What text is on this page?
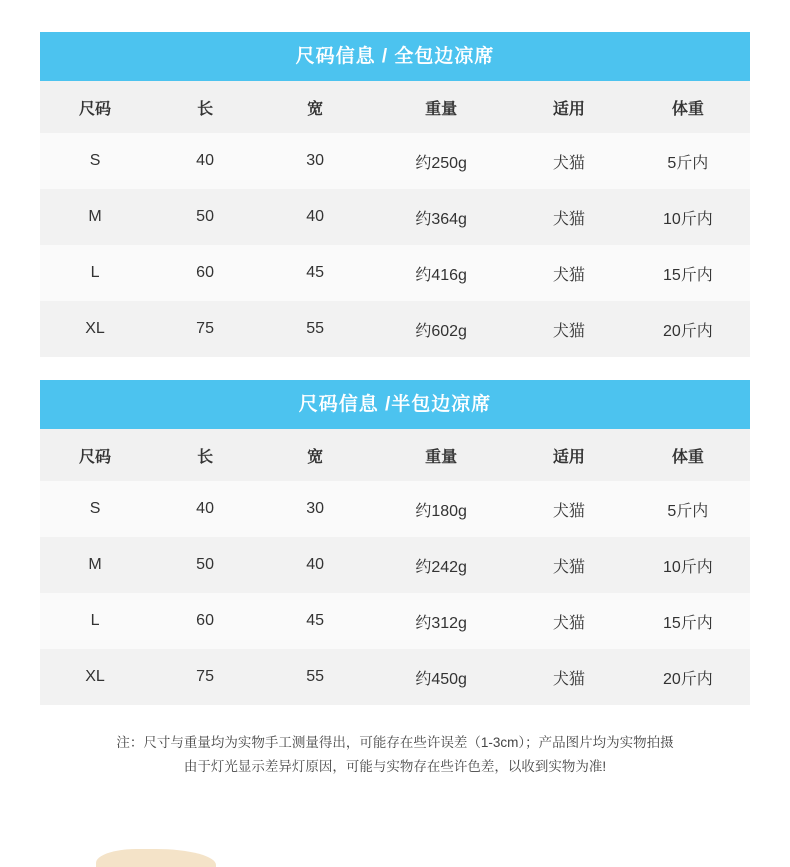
尺码信息 / 全包边凉席
尺码	长	宽	重量	适用	体重
S	40	30	约250g	犬猫	5斤内
M	50	40	约364g	犬猫	10斤内
L	60	45	约416g	犬猫	15斤内
XL	75	55	约602g	犬猫	20斤内
尺码信息 /半包边凉席
尺码	长	宽	重量	适用	体重
S	40	30	约180g	犬猫	5斤内
M	50	40	约242g	犬猫	10斤内
L	60	45	约312g	犬猫	15斤内
XL	75	55	约450g	犬猫	20斤内
注：尺寸与重量均为实物手工测量得出，可能存在些许误差（1-3cm）；产品图片均为实物拍摄
由于灯光显示差异灯原因，可能与实物存在些许色差，以收到实物为准!
